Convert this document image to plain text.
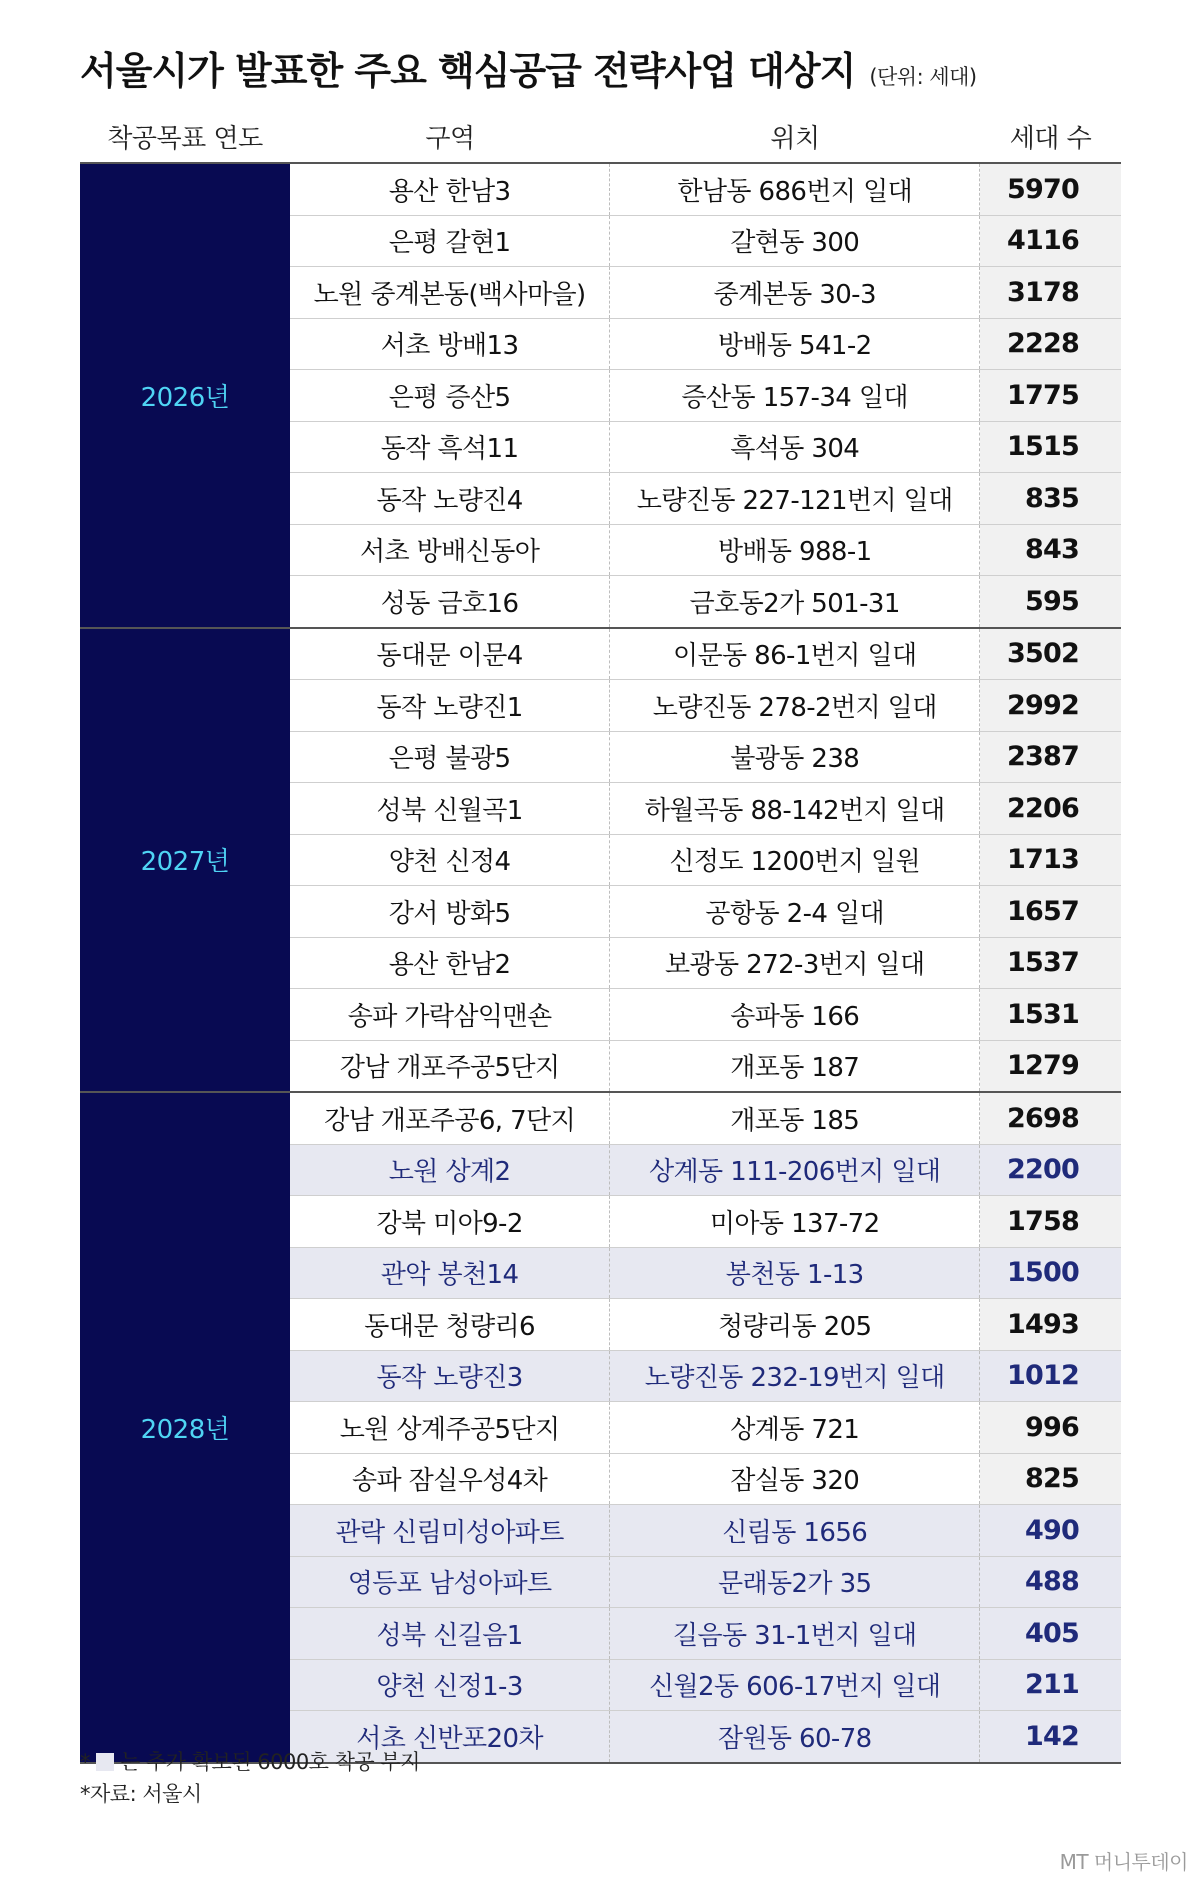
서울시가 발표한 주요 핵심공급 전략사업 대상지 (단위: 세대)
착공목표 연도	구역	위치	세대 수
2026년
용산 한남3	한남동 686번지 일대	5970
은평 갈현1	갈현동 300	4116
노원 중계본동(백사마을)	중계본동 30-3	3178
서초 방배13	방배동 541-2	2228
은평 증산5	증산동 157-34 일대	1775
동작 흑석11	흑석동 304	1515
동작 노량진4	노량진동 227-121번지 일대	835
서초 방배신동아	방배동 988-1	843
성동 금호16	금호동2가 501-31	595
2027년
동대문 이문4	이문동 86-1번지 일대	3502
동작 노량진1	노량진동 278-2번지 일대	2992
은평 불광5	불광동 238	2387
성북 신월곡1	하월곡동 88-142번지 일대	2206
양천 신정4	신정도 1200번지 일원	1713
강서 방화5	공항동 2-4 일대	1657
용산 한남2	보광동 272-3번지 일대	1537
송파 가락삼익맨숀	송파동 166	1531
강남 개포주공5단지	개포동 187	1279
2028년
강남 개포주공6, 7단지	개포동 185	2698
노원 상계2	상계동 111-206번지 일대	2200
강북 미아9-2	미아동 137-72	1758
관악 봉천14	봉천동 1-13	1500
동대문 청량리6	청량리동 205	1493
동작 노량진3	노량진동 232-19번지 일대	1012
노원 상계주공5단지	상계동 721	996
송파 잠실우성4차	잠실동 320	825
관락 신림미성아파트	신림동 1656	490
영등포 남성아파트	문래동2가 35	488
성북 신길음1	길음동 31-1번지 일대	405
양천 신정1-3	신월2동 606-17번지 일대	211
서초 신반포20차	잠원동 60-78	142
* 는 추가 확보된 6000호 착공 부지
*자료: 서울시
MT 머니투데이
